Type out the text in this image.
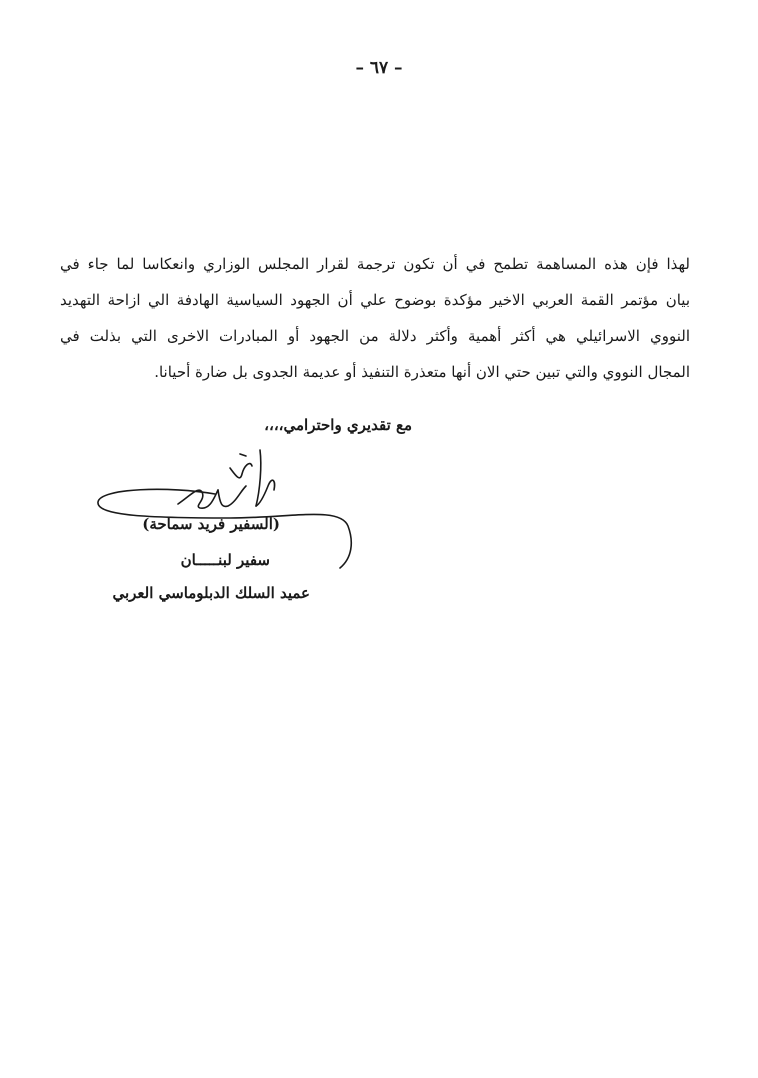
– ٦٧ –
لهذا فإن هذه المساهمة تطمح في أن تكون ترجمة لقرار المجلس الوزاري وانعكاسا لما جاء في
بيان مؤتمر القمة العربي الاخير مؤكدة بوضوح علي أن الجهود السياسية الهادفة الي ازاحة التهديد
النووي الاسرائيلي هي أكثر أهمية وأكثر دلالة من الجهود أو المبادرات الاخرى التي بذلت في
المجال النووي والتي تبين حتي الان أنها متعذرة التنفيذ أو عديمة الجدوى بل ضارة أحيانا.
مع تقديري واحترامي،،،،
(السفير فريد سماحة)
سفير لبنـــــان
عميد السلك الدبلوماسي العربي
